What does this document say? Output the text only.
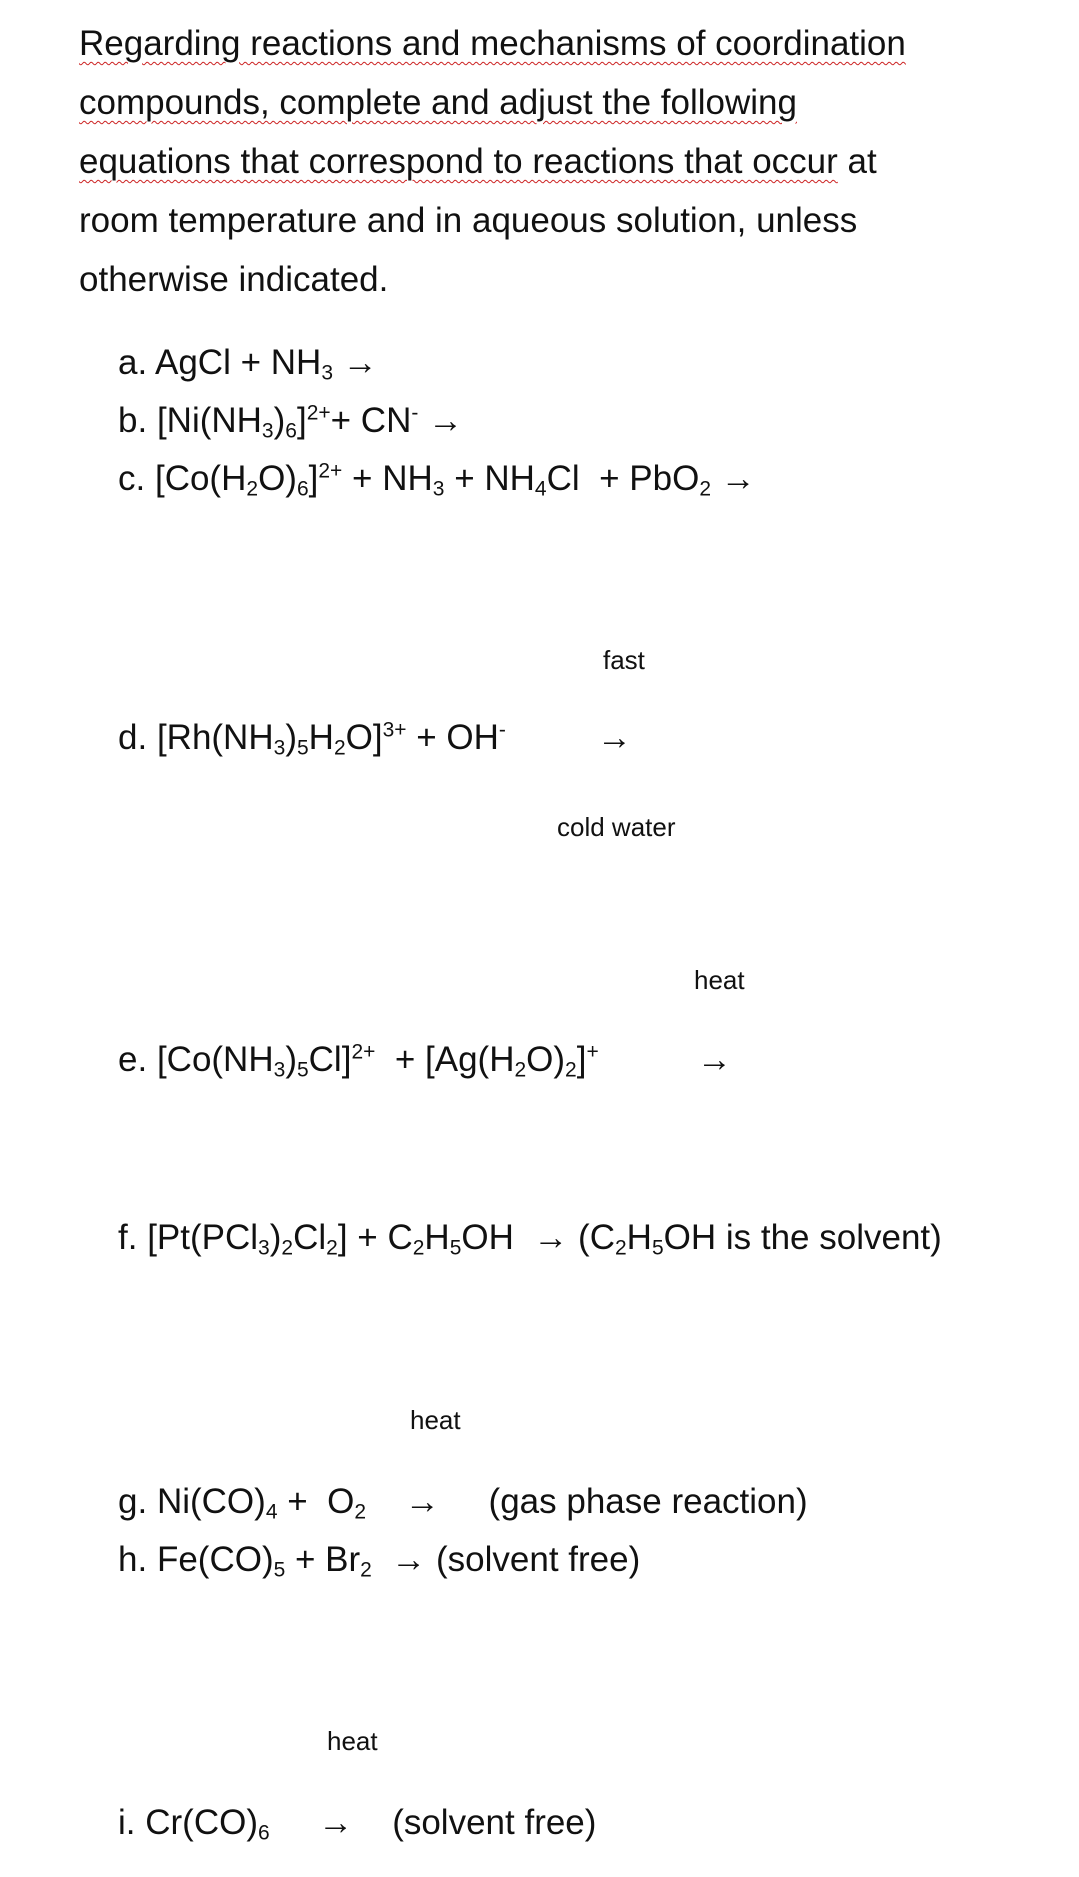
Regarding reactions and mechanisms of coordination

compounds, complete and adjust the following

equations that correspond to reactions that occur at

room temperature and in aqueous solution, unless

otherwise indicated.

a. AgCl + $NH_3$ →
b. $[Ni(NH_3)_6]^{2+}+ CN^-$ →
c. $[Co(H_2O)_6]^{2+} + NH_3 + NH_4Cl + PbO_2$ →
fast
d. $[Rh(NH_3)_5H_2O]^{3+} + OH^-$	→
cold water
heat
e. $[Co(NH_3)_5Cl]^{2+} + [Ag(H_2O)_2]^+$	→
f. $[Pt(PCl_3)_2Cl_2] + C_2H_5OH \to (C_2H_5OH$ is the solvent)
heat
g. $Ni(CO)_4 + O_2$    →     (gas phase reaction)
h. $Fe(CO)_5 + Br_2$  → (solvent free)
heat
i. $Cr(CO)_6$     →    (solvent free)
